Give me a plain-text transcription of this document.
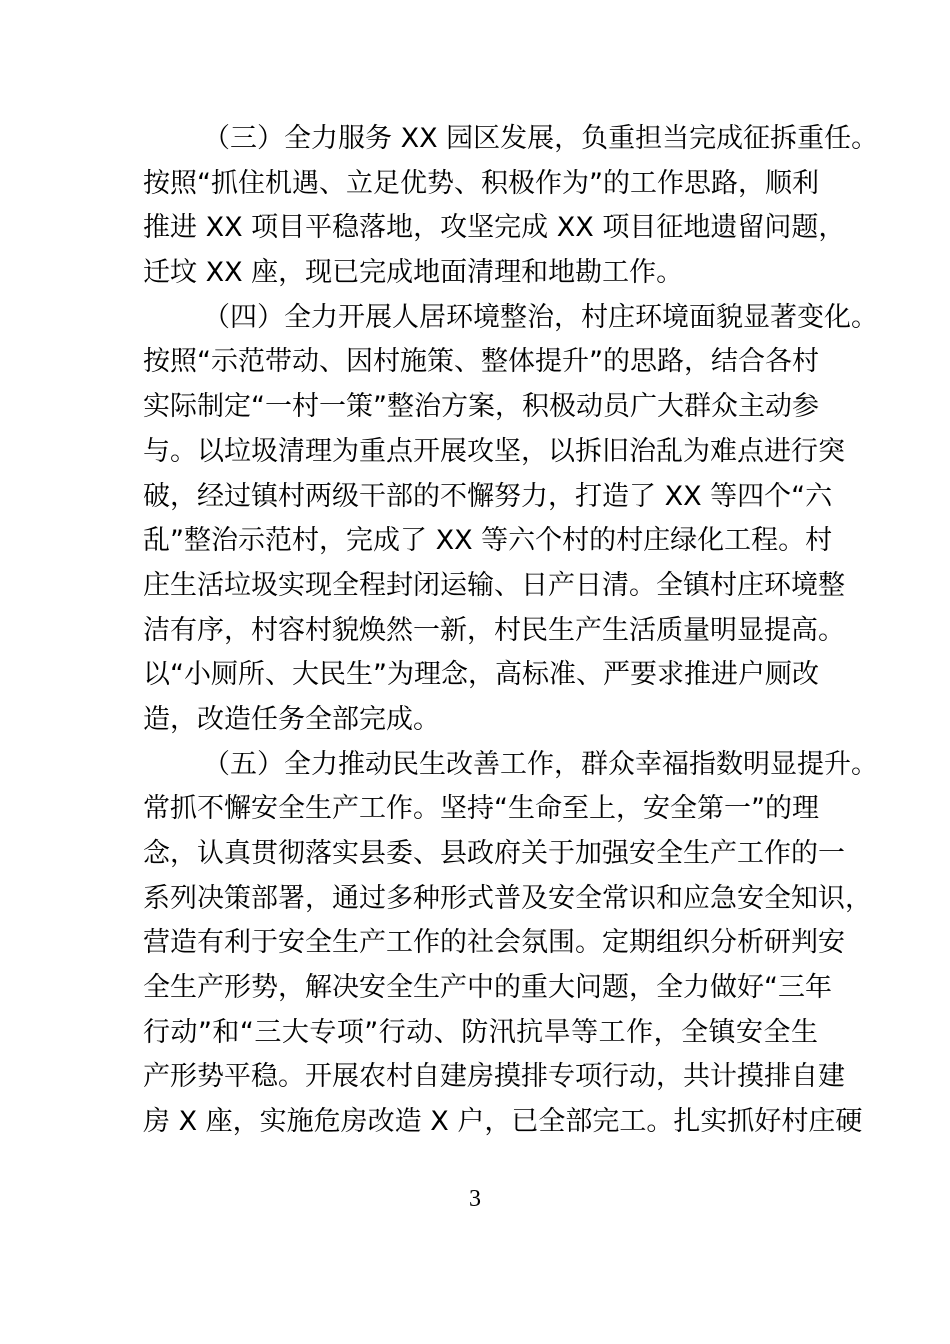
（三）全力服务 XX 园区发展，负重担当完成征拆重任。
按照“抓住机遇、立足优势、积极作为”的工作思路，顺利
推进 XX 项目平稳落地，攻坚完成 XX 项目征地遗留问题，
迁坟 XX 座，现已完成地面清理和地勘工作。
（四）全力开展人居环境整治，村庄环境面貌显著变化。
按照“示范带动、因村施策、整体提升”的思路，结合各村
实际制定“一村一策”整治方案，积极动员广大群众主动参
与。以垃圾清理为重点开展攻坚，以拆旧治乱为难点进行突
破，经过镇村两级干部的不懈努力，打造了 XX 等四个“六
乱”整治示范村，完成了 XX 等六个村的村庄绿化工程。村
庄生活垃圾实现全程封闭运输、日产日清。全镇村庄环境整
洁有序，村容村貌焕然一新，村民生产生活质量明显提高。
以“小厕所、大民生”为理念，高标准、严要求推进户厕改
造，改造任务全部完成。
（五）全力推动民生改善工作，群众幸福指数明显提升。
常抓不懈安全生产工作。坚持“生命至上，安全第一”的理
念，认真贯彻落实县委、县政府关于加强安全生产工作的一
系列决策部署，通过多种形式普及安全常识和应急安全知识，
营造有利于安全生产工作的社会氛围。定期组织分析研判安
全生产形势，解决安全生产中的重大问题，全力做好“三年
行动”和“三大专项”行动、防汛抗旱等工作，全镇安全生
产形势平稳。开展农村自建房摸排专项行动，共计摸排自建
房 X 座，实施危房改造 X 户，已全部完工。扎实抓好村庄硬
3
